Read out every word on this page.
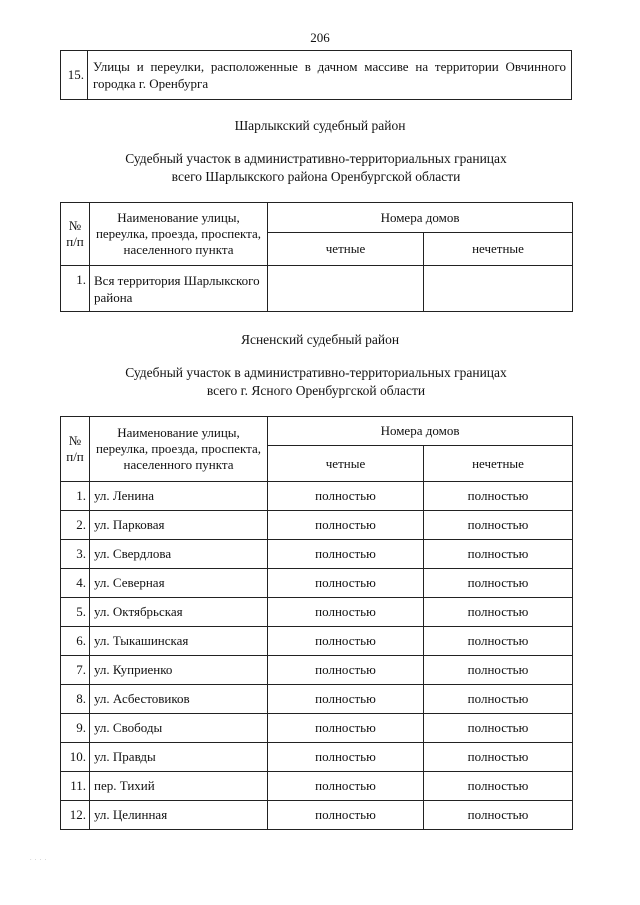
206
15.	Улицы и переулки, расположенные в дачном массиве на территории Овчинного городка г. Оренбурга
Шарлыкский судебный район
Судебный участок в административно-территориальных границах
всего Шарлыкского района Оренбургской области
№ п/п	Наименование улицы, переулка, проезда, проспекта, населенного пункта	Номера домов	
		четные	нечетные
1.	Вся территория Шарлыкского района		
Ясненский судебный район
Судебный участок в административно-территориальных границах
всего г. Ясного Оренбургской области
№ п/п	Наименование улицы, переулка, проезда, проспекта, населенного пункта	Номера домов	
		четные	нечетные
1.	ул. Ленина	полностью	полностью
2.	ул. Парковая	полностью	полностью
3.	ул. Свердлова	полностью	полностью
4.	ул. Северная	полностью	полностью
5.	ул. Октябрьская	полностью	полностью
6.	ул. Тыкашинская	полностью	полностью
7.	ул. Куприенко	полностью	полностью
8.	ул. Асбестовиков	полностью	полностью
9.	ул. Свободы	полностью	полностью
10.	ул. Правды	полностью	полностью
11.	пер. Тихий	полностью	полностью
12.	ул. Целинная	полностью	полностью
· · · ·
